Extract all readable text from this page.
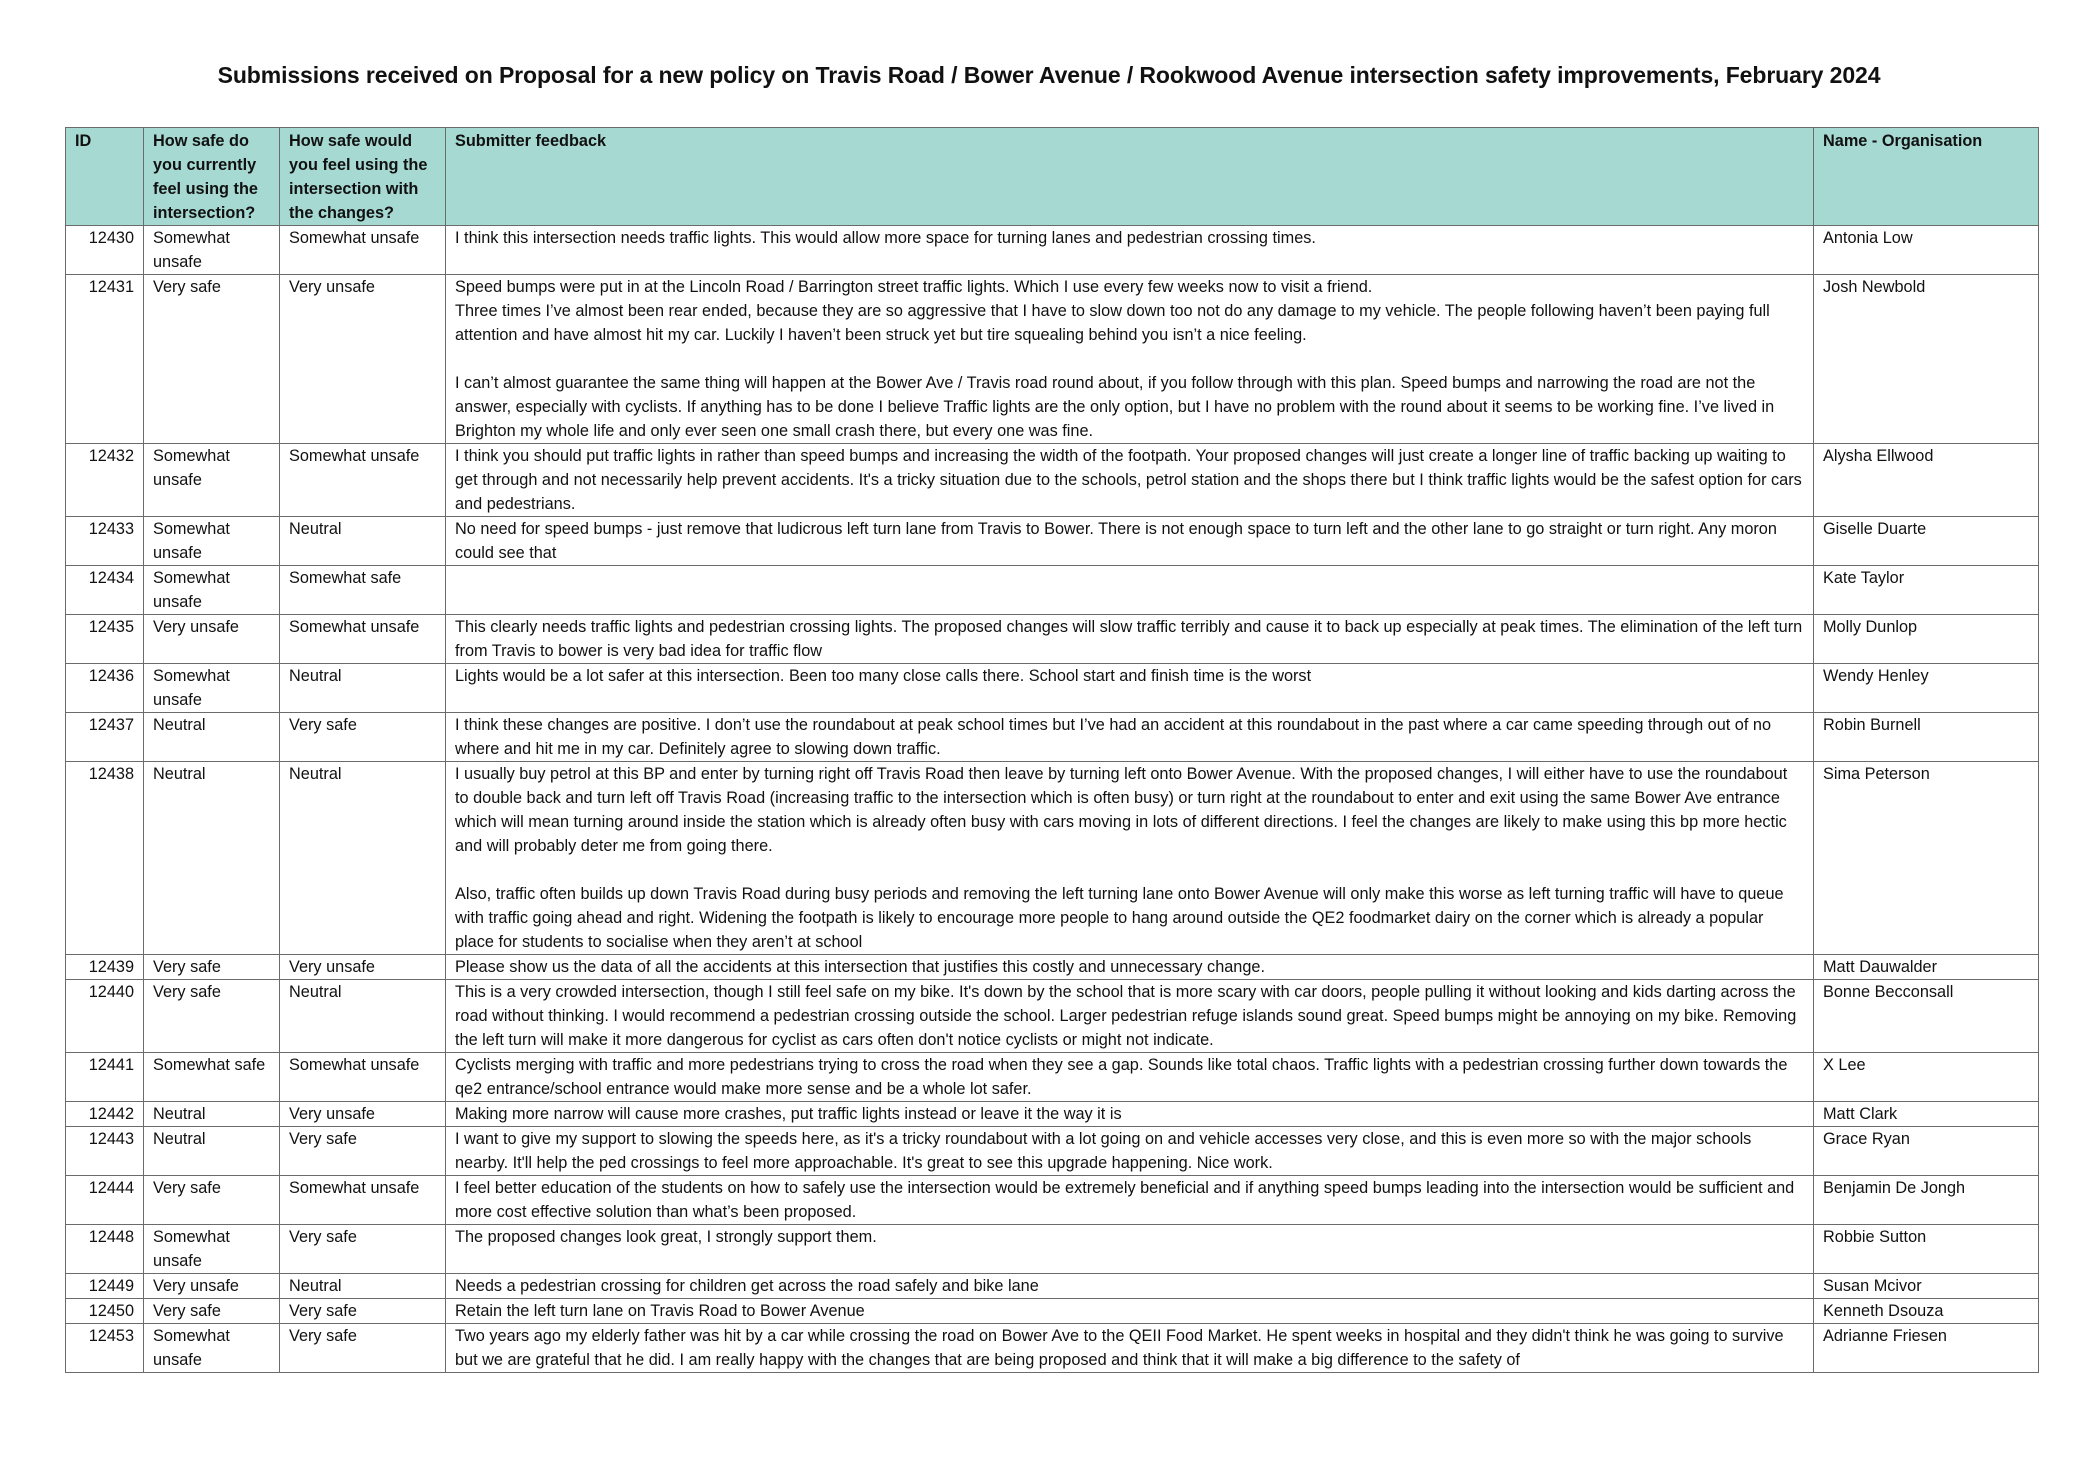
Submissions received on Proposal for a new policy on Travis Road / Bower Avenue / Rookwood Avenue intersection safety improvements, February 2024
ID	How safe do you currently feel using the intersection?	How safe would you feel using the intersection with the changes?	Submitter feedback	Name - Organisation
12430	Somewhat unsafe	Somewhat unsafe	I think this intersection needs traffic lights. This would allow more space for turning lanes and pedestrian crossing times.	Antonia Low
12431	Very safe	Very unsafe	Speed bumps were put in at the Lincoln Road / Barrington street traffic lights. Which I use every few weeks now to visit a friend.
Three times I’ve almost been rear ended, because they are so aggressive that I have to slow down too not do any damage to my vehicle. The people following haven’t been paying full attention and have almost hit my car. Luckily I haven’t been struck yet but tire squealing behind you isn’t a nice feeling.
I can’t almost guarantee the same thing will happen at the Bower Ave / Travis road round about, if you follow through with this plan. Speed bumps and narrowing the road are not the answer, especially with cyclists. If anything has to be done I believe Traffic lights are the only option, but I have no problem with the round about it seems to be working fine. I’ve lived in Brighton my whole life and only ever seen one small crash there, but every one was fine.	Josh Newbold
12432	Somewhat unsafe	Somewhat unsafe	I think you should put traffic lights in rather than speed bumps and increasing the width of the footpath. Your proposed changes will just create a longer line of traffic backing up waiting to get through and not necessarily help prevent accidents. It's a tricky situation due to the schools, petrol station and the shops there but I think traffic lights would be the safest option for cars and pedestrians.	Alysha Ellwood
12433	Somewhat unsafe	Neutral	No need for speed bumps - just remove that ludicrous left turn lane from Travis to Bower. There is not enough space to turn left and the other lane to go straight or turn right. Any moron could see that	Giselle Duarte
12434	Somewhat unsafe	Somewhat safe		Kate Taylor
12435	Very unsafe	Somewhat unsafe	This clearly needs traffic lights and pedestrian crossing lights. The proposed changes will slow traffic terribly and cause it to back up especially at peak times. The elimination of the left turn from Travis to bower is very bad idea for traffic flow	Molly Dunlop
12436	Somewhat unsafe	Neutral	Lights would be a lot safer at this intersection. Been too many close calls there. School start and finish time is the worst	Wendy Henley
12437	Neutral	Very safe	I think these changes are positive. I don’t use the roundabout at peak school times but I’ve had an accident at this roundabout in the past where a car came speeding through out of no where and hit me in my car. Definitely agree to slowing down traffic.	Robin Burnell
12438	Neutral	Neutral	I usually buy petrol at this BP and enter by turning right off Travis Road then leave by turning left onto Bower Avenue. With the proposed changes, I will either have to use the roundabout to double back and turn left off Travis Road (increasing traffic to the intersection which is often busy) or turn right at the roundabout to enter and exit using the same Bower Ave entrance which will mean turning around inside the station which is already often busy with cars moving in lots of different directions. I feel the changes are likely to make using this bp more hectic and will probably deter me from going there.
Also, traffic often builds up down Travis Road during busy periods and removing the left turning lane onto Bower Avenue will only make this worse as left turning traffic will have to queue with traffic going ahead and right. Widening the footpath is likely to encourage more people to hang around outside the QE2 foodmarket dairy on the corner which is already a popular place for students to socialise when they aren’t at school	Sima Peterson
12439	Very safe	Very unsafe	Please show us the data of all the accidents at this intersection that justifies this costly and unnecessary change.	Matt Dauwalder
12440	Very safe	Neutral	This is a very crowded intersection, though I still feel safe on my bike. It's down by the school that is more scary with car doors, people pulling it without looking and kids darting across the road without thinking. I would recommend a pedestrian crossing outside the school. Larger pedestrian refuge islands sound great. Speed bumps might be annoying on my bike. Removing the left turn will make it more dangerous for cyclist as cars often don't notice cyclists or might not indicate.	Bonne Becconsall
12441	Somewhat safe	Somewhat unsafe	Cyclists merging with traffic and more pedestrians trying to cross the road when they see a gap. Sounds like total chaos. Traffic lights with a pedestrian crossing further down towards the qe2 entrance/school entrance would make more sense and be a whole lot safer.	X Lee
12442	Neutral	Very unsafe	Making more narrow will cause more crashes, put traffic lights instead or leave it the way it is	Matt Clark
12443	Neutral	Very safe	I want to give my support to slowing the speeds here, as it's a tricky roundabout with a lot going on and vehicle accesses very close, and this is even more so with the major schools nearby. It'll help the ped crossings to feel more approachable. It's great to see this upgrade happening. Nice work.	Grace Ryan
12444	Very safe	Somewhat unsafe	I feel better education of the students on how to safely use the intersection would be extremely beneficial and if anything speed bumps leading into the intersection would be sufficient and more cost effective solution than what’s been proposed.	Benjamin De Jongh
12448	Somewhat unsafe	Very safe	The proposed changes look great, I strongly support them.	Robbie Sutton
12449	Very unsafe	Neutral	Needs a pedestrian crossing for children get across the road safely and bike lane	Susan Mcivor
12450	Very safe	Very safe	Retain the left turn lane on Travis Road to Bower Avenue	Kenneth Dsouza
12453	Somewhat unsafe	Very safe	Two years ago my elderly father was hit by a car while crossing the road on Bower Ave to the QEII Food Market. He spent weeks in hospital and they didn't think he was going to survive but we are grateful that he did. I am really happy with the changes that are being proposed and think that it will make a big difference to the safety of	Adrianne Friesen
